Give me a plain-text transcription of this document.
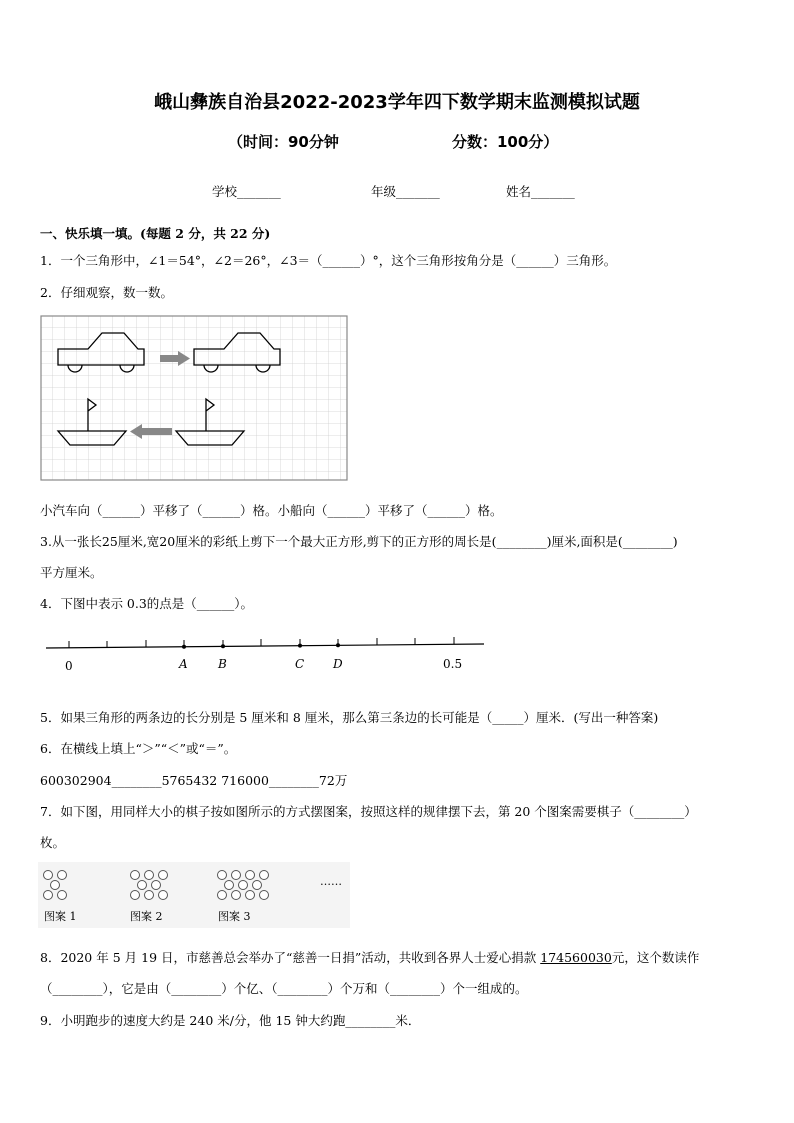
峨山彝族自治县2022-2023学年四下数学期末监测模拟试题
（时间：90分钟	分数：100分）
学校_______	年级_______	姓名_______
一、快乐填一填。(每题 2 分，共 22 分)
1．一个三角形中，∠1＝54°，∠2＝26°，∠3＝（______）°，这个三角形按角分是（______）三角形。
2．仔细观察，数一数。
小汽车向（______）平移了（______）格。小船向（______）平移了（______）格。
3.从一张长25厘米,宽20厘米的彩纸上剪下一个最大正方形,剪下的正方形的周长是(________)厘米,面积是(________)
平方厘米。
4．下图中表示 0.3的点是（______）。
0	A	B	C D	0.5
5．如果三角形的两条边的长分别是 5 厘米和 8 厘米，那么第三条边的长可能是（_____）厘米．(写出一种答案)
6．在横线上填上“＞”“＜”或“＝”。
600302904________5765432 716000________72万
7．如下图，用同样大小的棋子按如图所示的方式摆图案，按照这样的规律摆下去，第 20 个图案需要棋子（________）
枚。
……
图案 1	图案 2	图案 3
8．2020 年 5 月 19 日，市慈善总会举办了“慈善一日捐”活动，共收到各界人士爱心捐款 174560030元，这个数读作
（________），它是由（________）个亿、（________）个万和（________）个一组成的。
9．小明跑步的速度大约是 240 米/分，他 15 钟大约跑________米．
